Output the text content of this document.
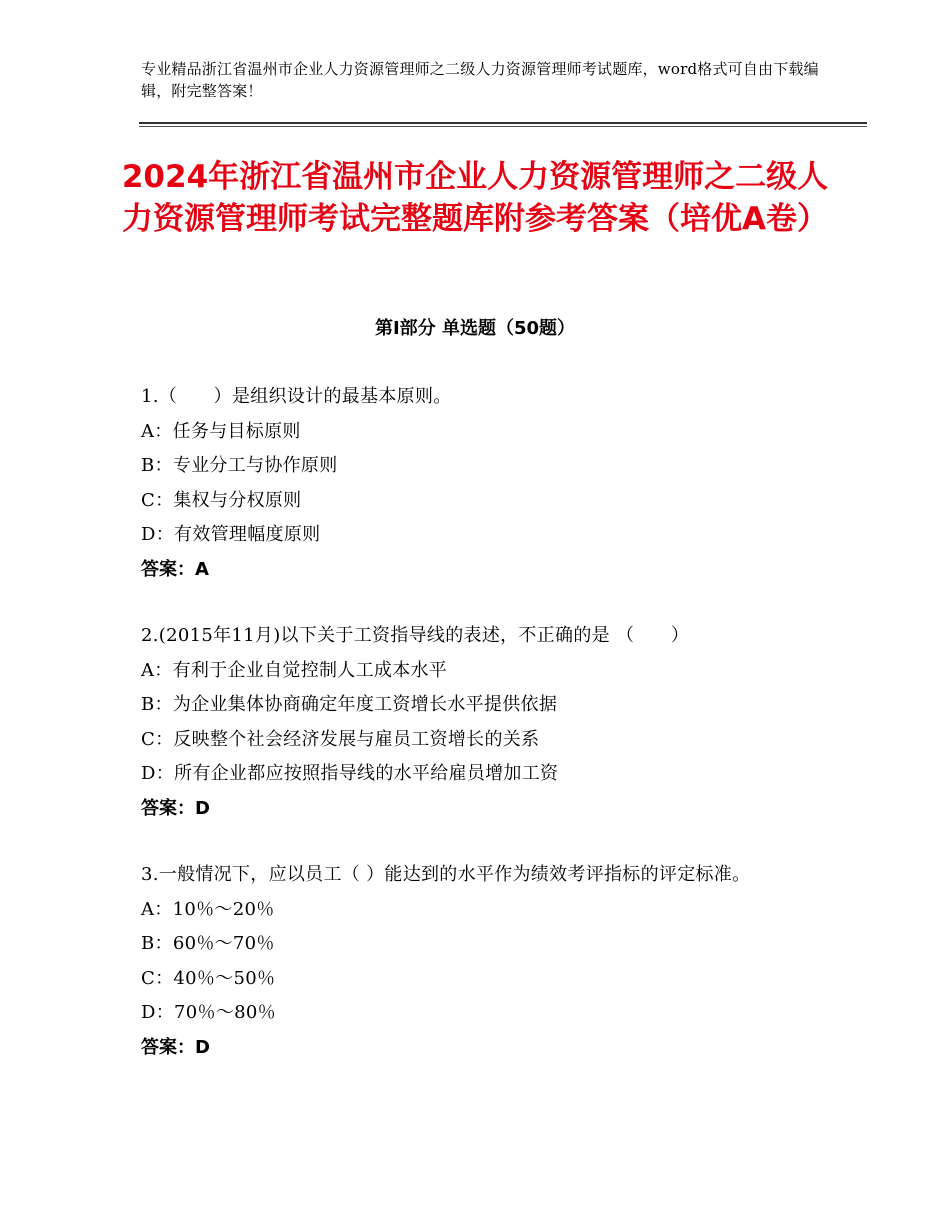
专业精品浙江省温州市企业人力资源管理师之二级人力资源管理师考试题库，word格式可自由下载编辑，附完整答案！
2024年浙江省温州市企业人力资源管理师之二级人力资源管理师考试完整题库附参考答案（培优A卷）
第Ⅰ部分 单选题（50题）
1.（　　）是组织设计的最基本原则。
A：任务与目标原则
B：专业分工与协作原则
C：集权与分权原则
D：有效管理幅度原则
答案：A
2.(2015年11月)以下关于工资指导线的表述，不正确的是 （　　）
A：有利于企业自觉控制人工成本水平
B：为企业集体协商确定年度工资增长水平提供依据
C：反映整个社会经济发展与雇员工资增长的关系
D：所有企业都应按照指导线的水平给雇员增加工资
答案：D
3.一般情况下，应以员工（ ）能达到的水平作为绩效考评指标的评定标准。
A：10％～20％
B：60％～70％
C：40％～50％
D：70％～80％
答案：D
